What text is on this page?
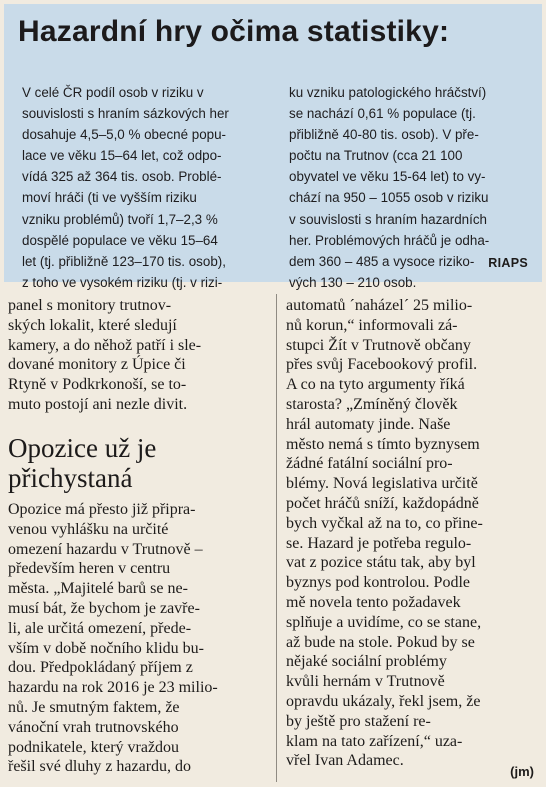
Hazardní hry očima statistiky:
V celé ČR podíl osob v riziku v
souvislosti s hraním sázkových her
dosahuje 4,5–5,0 % obecné popu-
lace ve věku 15–64 let, což odpo-
vídá 325 až 364 tis. osob. Problé-
moví hráči (ti ve vyšším riziku
vzniku problémů) tvoří 1,7–2,3 %
dospělé populace ve věku 15–64
let (tj. přibližně 123–170 tis. osob),
z toho ve vysokém riziku (tj. v rizi-
ku vzniku patologického hráčství)
se nachází 0,61 % populace (tj.
přibližně 40-80 tis. osob). V pře-
počtu na Trutnov (cca 21 100
obyvatel ve věku 15-64 let) to vy-
chází na 950 – 1055 osob v riziku
v souvislosti s hraním hazardních
her. Problémových hráčů je odha-
dem 360 – 485 a vysoce riziko-
vých 130 – 210 osob.
RIAPS
panel s monitory trutnov-
ských lokalit, které sledují
kamery, a do něhož patří i sle-
dované monitory z Úpice či
Rtyně v Podkrkonoší, se to-
muto postojí ani nezle divit.
Opozice už je
přichystaná
Opozice má přesto již připra-
venou vyhlášku na určité
omezení hazardu v Trutnově –
především heren v centru
města. „Majitelé barů se ne-
musí bát, že bychom je zavře-
li, ale určitá omezení, přede-
vším v době nočního klidu bu-
dou. Předpokládaný příjem z
hazardu na rok 2016 je 23 milio-
nů. Je smutným faktem, že
vánoční vrah trutnovského
podnikatele, který vraždou
řešil své dluhy z hazardu, do
automatů ´naházel´ 25 milio-
nů korun,“ informovali zá-
stupci Žít v Trutnově občany
přes svůj Facebookový profil.
A co na tyto argumenty říká
starosta? „Zmíněný člověk
hrál automaty jinde. Naše
město nemá s tímto byznysem
žádné fatální sociální pro-
blémy. Nová legislativa určitě
počet hráčů sníží, každopádně
bych vyčkal až na to, co přine-
se. Hazard je potřeba regulo-
vat z pozice státu tak, aby byl
byznys pod kontrolou. Podle
mě novela tento požadavek
splňuje a uvidíme, co se stane,
až bude na stole. Pokud by se
nějaké sociální problémy
kvůli hernám v Trutnově
opravdu ukázaly, řekl jsem, že
by ještě pro stažení re-
klam na tato zařízení,“ uza-
vřel Ivan Adamec.
(jm)
